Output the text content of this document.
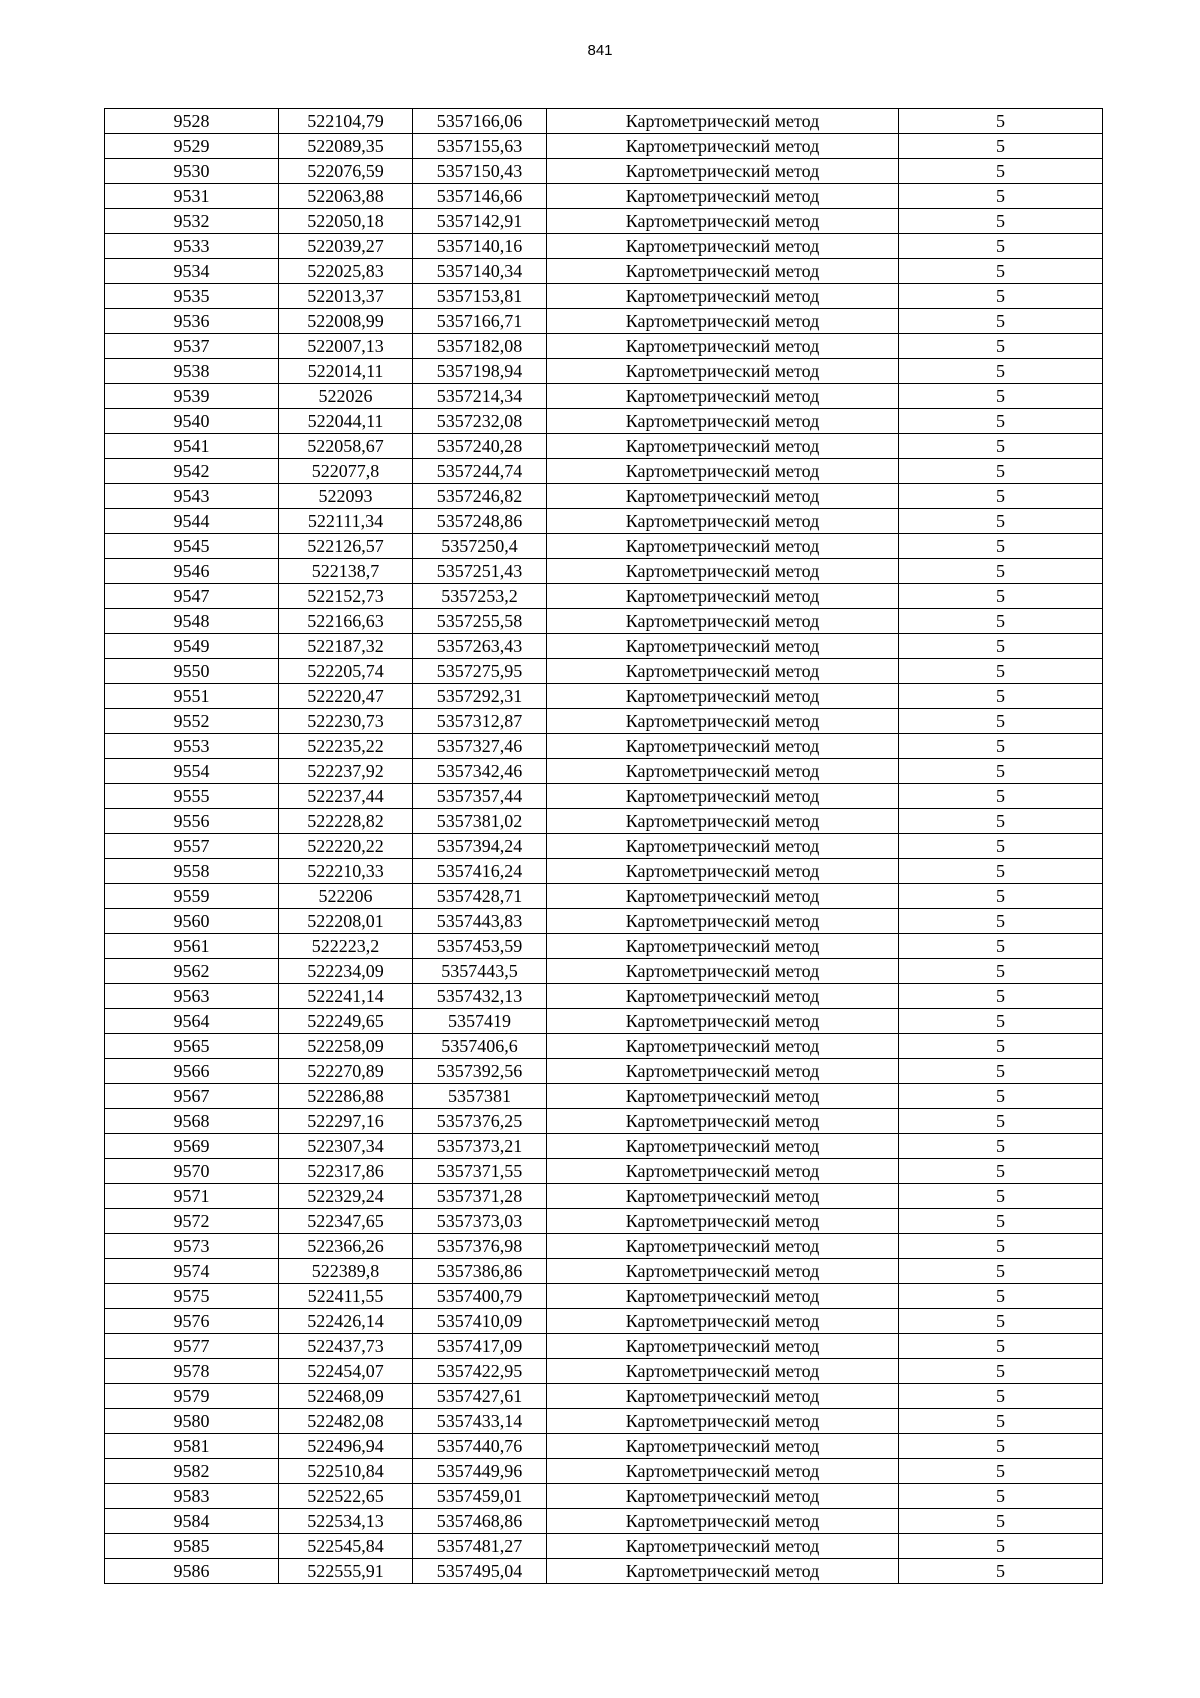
841
9528	522104,79	5357166,06	Картометрический метод	5
9529	522089,35	5357155,63	Картометрический метод	5
9530	522076,59	5357150,43	Картометрический метод	5
9531	522063,88	5357146,66	Картометрический метод	5
9532	522050,18	5357142,91	Картометрический метод	5
9533	522039,27	5357140,16	Картометрический метод	5
9534	522025,83	5357140,34	Картометрический метод	5
9535	522013,37	5357153,81	Картометрический метод	5
9536	522008,99	5357166,71	Картометрический метод	5
9537	522007,13	5357182,08	Картометрический метод	5
9538	522014,11	5357198,94	Картометрический метод	5
9539	522026	5357214,34	Картометрический метод	5
9540	522044,11	5357232,08	Картометрический метод	5
9541	522058,67	5357240,28	Картометрический метод	5
9542	522077,8	5357244,74	Картометрический метод	5
9543	522093	5357246,82	Картометрический метод	5
9544	522111,34	5357248,86	Картометрический метод	5
9545	522126,57	5357250,4	Картометрический метод	5
9546	522138,7	5357251,43	Картометрический метод	5
9547	522152,73	5357253,2	Картометрический метод	5
9548	522166,63	5357255,58	Картометрический метод	5
9549	522187,32	5357263,43	Картометрический метод	5
9550	522205,74	5357275,95	Картометрический метод	5
9551	522220,47	5357292,31	Картометрический метод	5
9552	522230,73	5357312,87	Картометрический метод	5
9553	522235,22	5357327,46	Картометрический метод	5
9554	522237,92	5357342,46	Картометрический метод	5
9555	522237,44	5357357,44	Картометрический метод	5
9556	522228,82	5357381,02	Картометрический метод	5
9557	522220,22	5357394,24	Картометрический метод	5
9558	522210,33	5357416,24	Картометрический метод	5
9559	522206	5357428,71	Картометрический метод	5
9560	522208,01	5357443,83	Картометрический метод	5
9561	522223,2	5357453,59	Картометрический метод	5
9562	522234,09	5357443,5	Картометрический метод	5
9563	522241,14	5357432,13	Картометрический метод	5
9564	522249,65	5357419	Картометрический метод	5
9565	522258,09	5357406,6	Картометрический метод	5
9566	522270,89	5357392,56	Картометрический метод	5
9567	522286,88	5357381	Картометрический метод	5
9568	522297,16	5357376,25	Картометрический метод	5
9569	522307,34	5357373,21	Картометрический метод	5
9570	522317,86	5357371,55	Картометрический метод	5
9571	522329,24	5357371,28	Картометрический метод	5
9572	522347,65	5357373,03	Картометрический метод	5
9573	522366,26	5357376,98	Картометрический метод	5
9574	522389,8	5357386,86	Картометрический метод	5
9575	522411,55	5357400,79	Картометрический метод	5
9576	522426,14	5357410,09	Картометрический метод	5
9577	522437,73	5357417,09	Картометрический метод	5
9578	522454,07	5357422,95	Картометрический метод	5
9579	522468,09	5357427,61	Картометрический метод	5
9580	522482,08	5357433,14	Картометрический метод	5
9581	522496,94	5357440,76	Картометрический метод	5
9582	522510,84	5357449,96	Картометрический метод	5
9583	522522,65	5357459,01	Картометрический метод	5
9584	522534,13	5357468,86	Картометрический метод	5
9585	522545,84	5357481,27	Картометрический метод	5
9586	522555,91	5357495,04	Картометрический метод	5
